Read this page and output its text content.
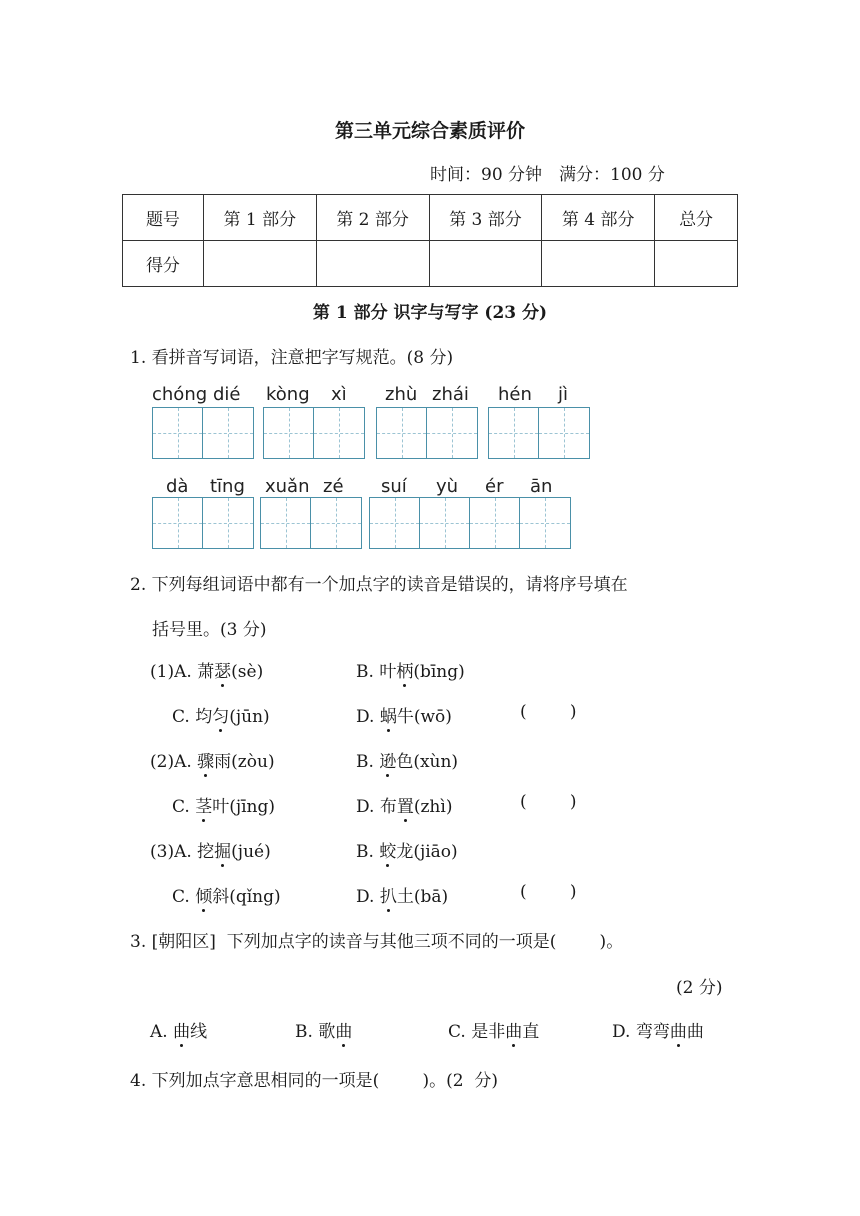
第三单元综合素质评价
时间：90 分钟　满分：100 分
题号	第 1 部分	第 2 部分	第 3 部分	第 4 部分	总分
得分					
第 1 部分 识字与写字 (23 分)
1. 看拼音写词语，注意把字写规范。(8 分)
chóng dié kòng xì zhù zhái hén jì
dà tīng xuǎn zé suí yù ér ān
2. 下列每组词语中都有一个加点字的读音是错误的，请将序号填在
括号里。(3 分)
(1)A. 萧瑟(sè)	B. 叶柄(bīng)
C. 均匀(jūn)	D. 蜗牛(wō)	(        )
(2)A. 骤雨(zòu)	B. 逊色(xùn)
C. 茎叶(jīng)	D. 布置(zhì)	(        )
(3)A. 挖掘(jué)	B. 蛟龙(jiāo)
C. 倾斜(qǐng)	D. 扒土(bā)	(        )
3. [朝阳区]  下列加点字的读音与其他三项不同的一项是(        )。
(2 分)
A. 曲线	B. 歌曲	C. 是非曲直	D. 弯弯曲曲
4. 下列加点字意思相同的一项是(        )。(2  分)
